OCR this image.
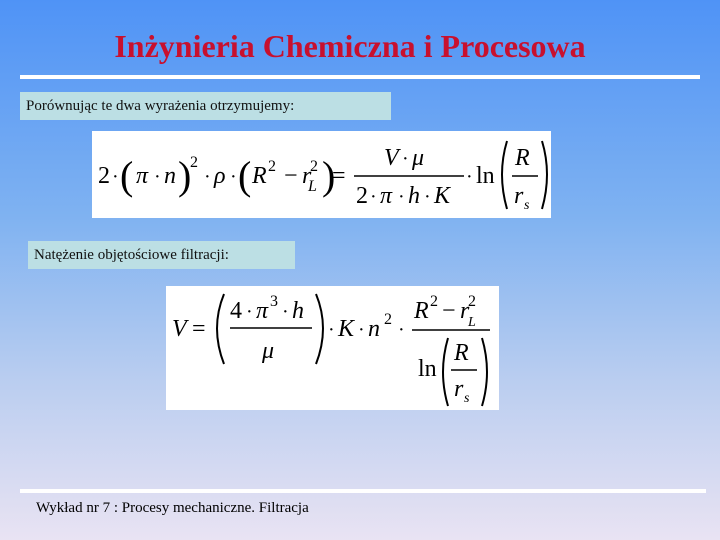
Inżynieria Chemiczna i Procesowa
Porównując te dwa wyrażenia otrzymujemy:
2 · ( π · n )
2
· ρ · ( R 2 − r
2
L )
=
V · μ
2 · π · h · K
· ln
R
r s
Natężenie objętościowe filtracji:
V =
4 · π 3 · h
μ
· K · n 2 ·
R 2 − r
2
L
ln
R
r s
Wykład nr 7 : Procesy mechaniczne. Filtracja
